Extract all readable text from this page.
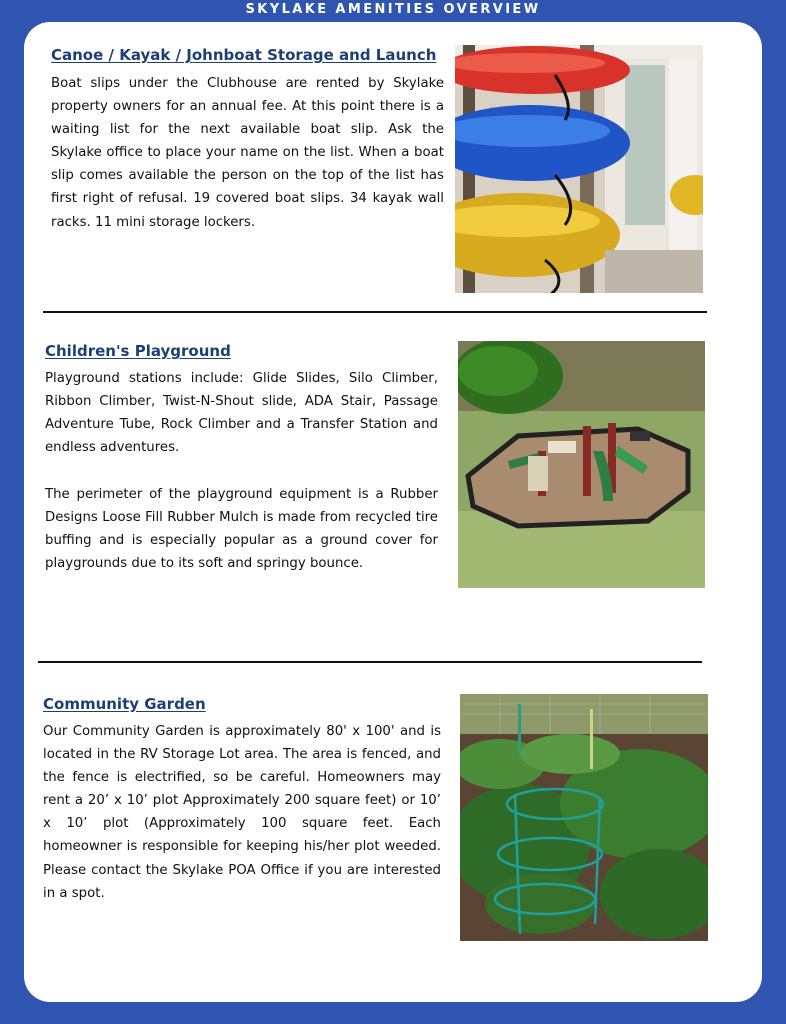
SKYLAKE AMENITIES OVERVIEW
Canoe / Kayak / Johnboat Storage and Launch

Boat slips under the Clubhouse are rented by Skylake property owners for an annual fee. At this point there is a waiting list for the next available boat slip. Ask the Skylake office to place your name on the list. When a boat slip comes available the person on the top of the list has first right of refusal. 19 covered boat slips. 34 kayak wall racks. 11 mini storage lockers.

Children's Playground

Playground stations include: Glide Slides, Silo Climber, Ribbon Climber, Twist-N-Shout slide, ADA Stair, Passage Adventure Tube, Rock Climber and a Transfer Station and endless adventures.

The perimeter of the playground equipment is a Rubber Designs Loose Fill Rubber Mulch is made from recycled tire buffing and is especially popular as a ground cover for playgrounds due to its soft and springy bounce.

Community Garden

Our Community Garden is approximately 80' x 100' and is located in the RV Storage Lot area. The area is fenced, and the fence is electrified, so be careful. Homeowners may rent a 20’ x 10’ plot Approximately 200 square feet) or 10’ x 10’ plot (Approximately 100 square feet. Each homeowner is responsible for keeping his/her plot weeded. Please contact the Skylake POA Office if you are interested in a spot.
